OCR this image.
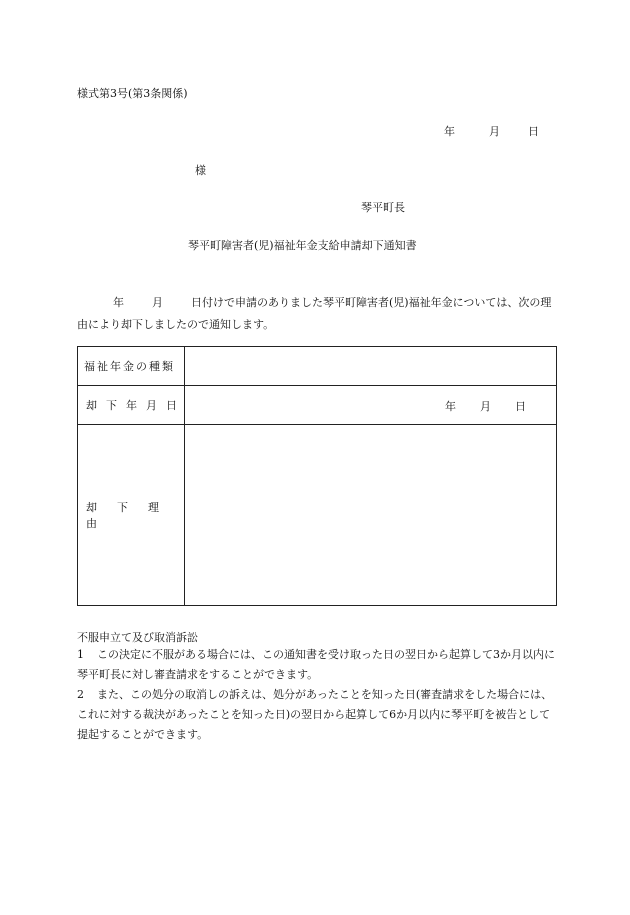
様式第3号(第3条関係)
年	月	日
様
琴平町長
琴平町障害者(児)福祉年金支給申請却下通知書
年	月	日付けで申請のありました琴平町障害者(児)福祉年金については、次の理由により却下しましたので通知します。
福祉年金の種類	
却 下 年 月 日	年 月 日

却 下 理由	
不服申立て及び取消訴訟
1 この決定に不服がある場合には、この通知書を受け取った日の翌日から起算して3か月以内に琴平町長に対し審査請求をすることができます。
2 また、この処分の取消しの訴えは、処分があったことを知った日(審査請求をした場合には、これに対する裁決があったことを知った日)の翌日から起算して6か月以内に琴平町を被告として提起することができます。
